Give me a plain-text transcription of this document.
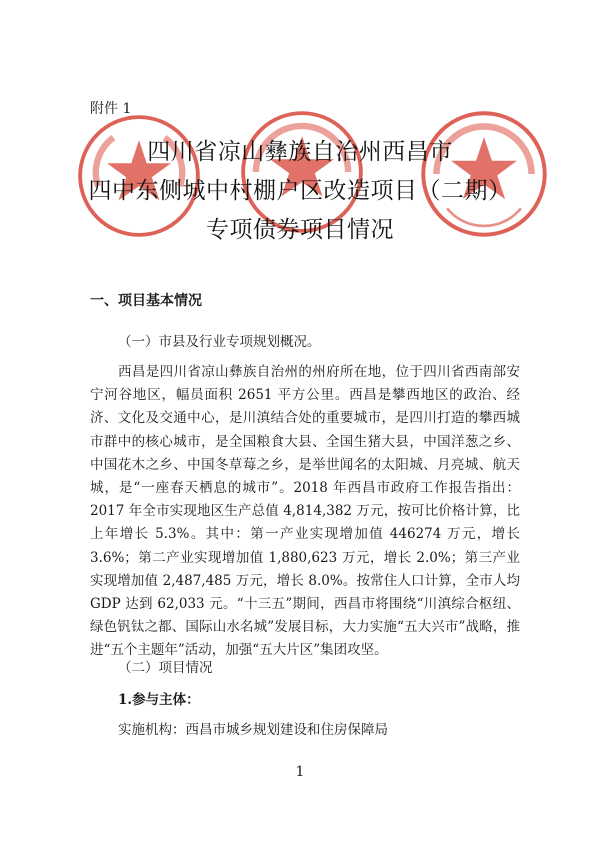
附件 1
四川省凉山彝族自治州西昌市
四中东侧城中村棚户区改造项目（二期）
专项债券项目情况
一、项目基本情况
（一）市县及行业专项规划概况。
西昌是四川省凉山彝族自治州的州府所在地，位于四川省西南部安宁河谷地区，幅员面积 2651 平方公里。西昌是攀西地区的政治、经济、文化及交通中心，是川滇结合处的重要城市，是四川打造的攀西城市群中的核心城市，是全国粮食大县、全国生猪大县，中国洋葱之乡、中国花木之乡、中国冬草莓之乡，是举世闻名的太阳城、月亮城、航天城，是“一座春天栖息的城市”。2018 年西昌市政府工作报告指出：2017 年全市实现地区生产总值 4,814,382 万元，按可比价格计算，比上年增长 5.3%。其中：第一产业实现增加值 446274 万元，增长 3.6%；第二产业实现增加值 1,880,623 万元，增长 2.0%；第三产业实现增加值 2,487,485 万元，增长 8.0%。按常住人口计算，全市人均 GDP 达到 62,033 元。“十三五”期间，西昌市将围绕“川滇综合枢纽、绿色钒钛之都、国际山水名城”发展目标，大力实施“五大兴市”战略，推进“五个主题年”活动，加强“五大片区”集团攻坚。
（二）项目情况
1.参与主体：
实施机构：西昌市城乡规划建设和住房保障局
1
